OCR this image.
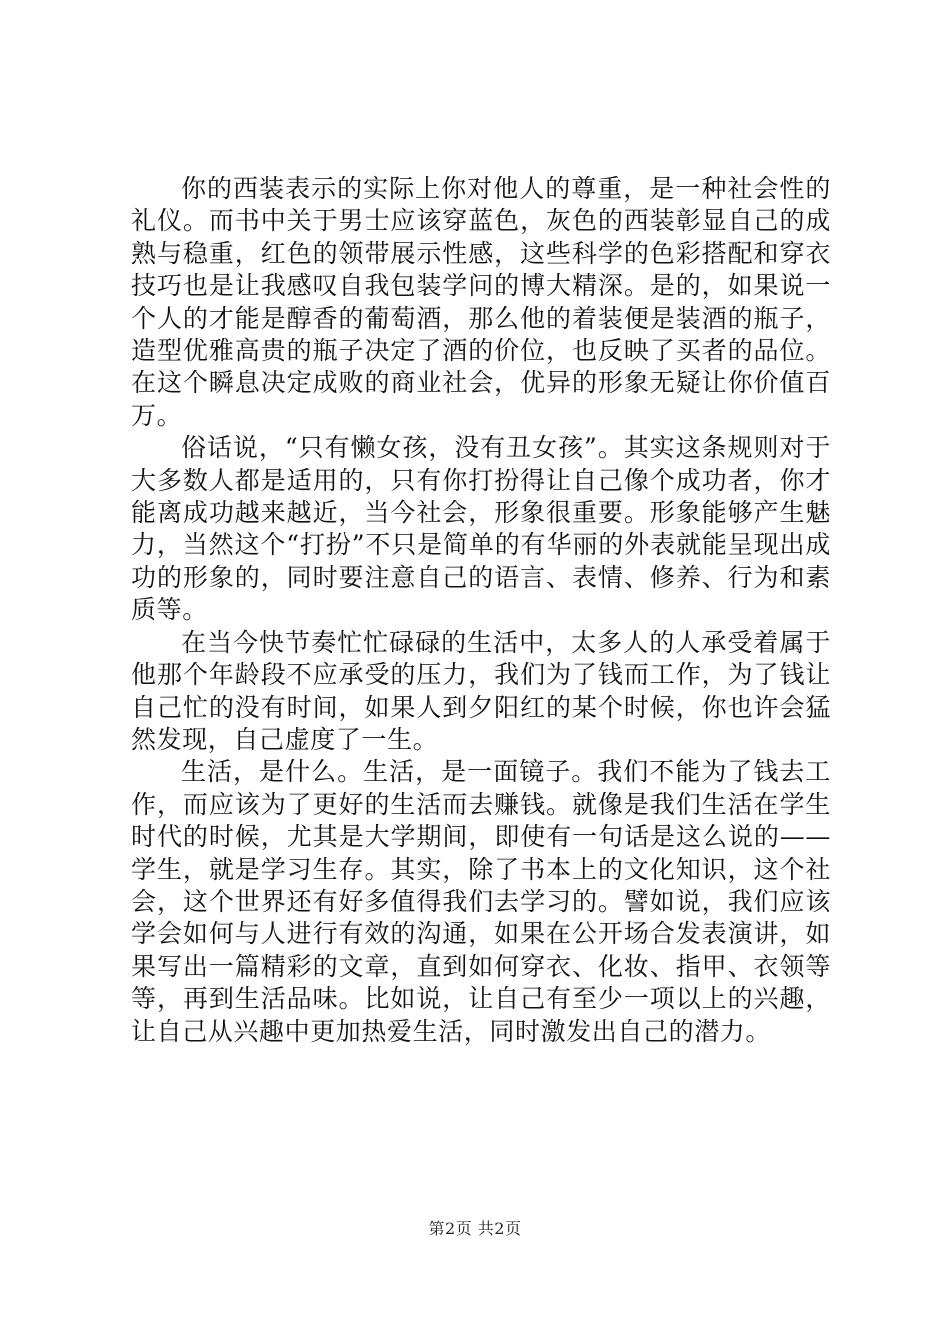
你的西装表示的实际上你对他人的尊重，是一种社会性的礼仪。而书中关于男士应该穿蓝色，灰色的西装彰显自己的成熟与稳重，红色的领带展示性感，这些科学的色彩搭配和穿衣技巧也是让我感叹自我包装学问的博大精深。是的，如果说一个人的才能是醇香的葡萄酒，那么他的着装便是装酒的瓶子，造型优雅高贵的瓶子决定了酒的价位，也反映了买者的品位。在这个瞬息决定成败的商业社会，优异的形象无疑让你价值百万。

俗话说，“只有懒女孩，没有丑女孩”。其实这条规则对于大多数人都是适用的，只有你打扮得让自己像个成功者，你才能离成功越来越近，当今社会，形象很重要。形象能够产生魅力，当然这个“打扮”不只是简单的有华丽的外表就能呈现出成功的形象的，同时要注意自己的语言、表情、修养、行为和素质等。

在当今快节奏忙忙碌碌的生活中，太多人的人承受着属于他那个年龄段不应承受的压力，我们为了钱而工作，为了钱让自己忙的没有时间，如果人到夕阳红的某个时候，你也许会猛然发现，自己虚度了一生。

生活，是什么。生活，是一面镜子。我们不能为了钱去工作，而应该为了更好的生活而去赚钱。就像是我们生活在学生时代的时候，尤其是大学期间，即使有一句话是这么说的——学生，就是学习生存。其实，除了书本上的文化知识，这个社会，这个世界还有好多值得我们去学习的。譬如说，我们应该学会如何与人进行有效的沟通，如果在公开场合发表演讲，如果写出一篇精彩的文章，直到如何穿衣、化妆、指甲、衣领等等，再到生活品味。比如说，让自己有至少一项以上的兴趣，让自己从兴趣中更加热爱生活，同时激发出自己的潜力。

第2页 共2页
